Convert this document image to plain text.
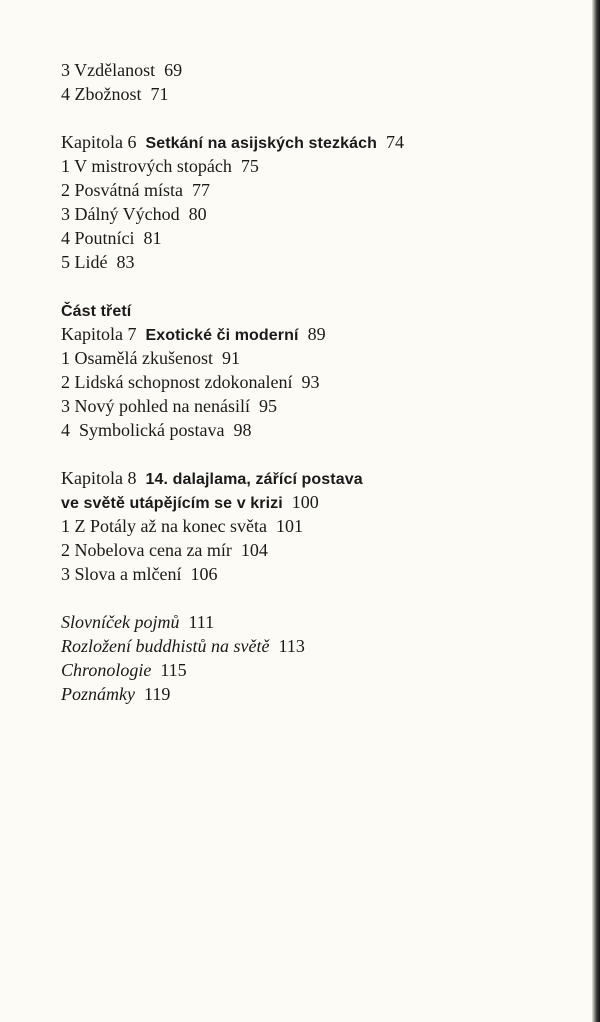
3 Vzdělanost 69
4 Zbožnost 71
Kapitola 6 Setkání na asijských stezkách 74
1 V mistrových stopách 75
2 Posvátná místa 77
3 Dálný Východ 80
4 Poutníci 81
5 Lidé 83
Část třetí
Kapitola 7 Exotické či moderní 89
1 Osamělá zkušenost 91
2 Lidská schopnost zdokonalení 93
3 Nový pohled na nenásilí 95
4  Symbolická postava 98
Kapitola 8 14. dalajlama, zářící postava
ve světě utápějícím se v krizi 100
1 Z Potály až na konec světa 101
2 Nobelova cena za mír 104
3 Slova a mlčení 106
Slovníček pojmů 111
Rozložení buddhistů na světě 113
Chronologie 115
Poznámky 119
